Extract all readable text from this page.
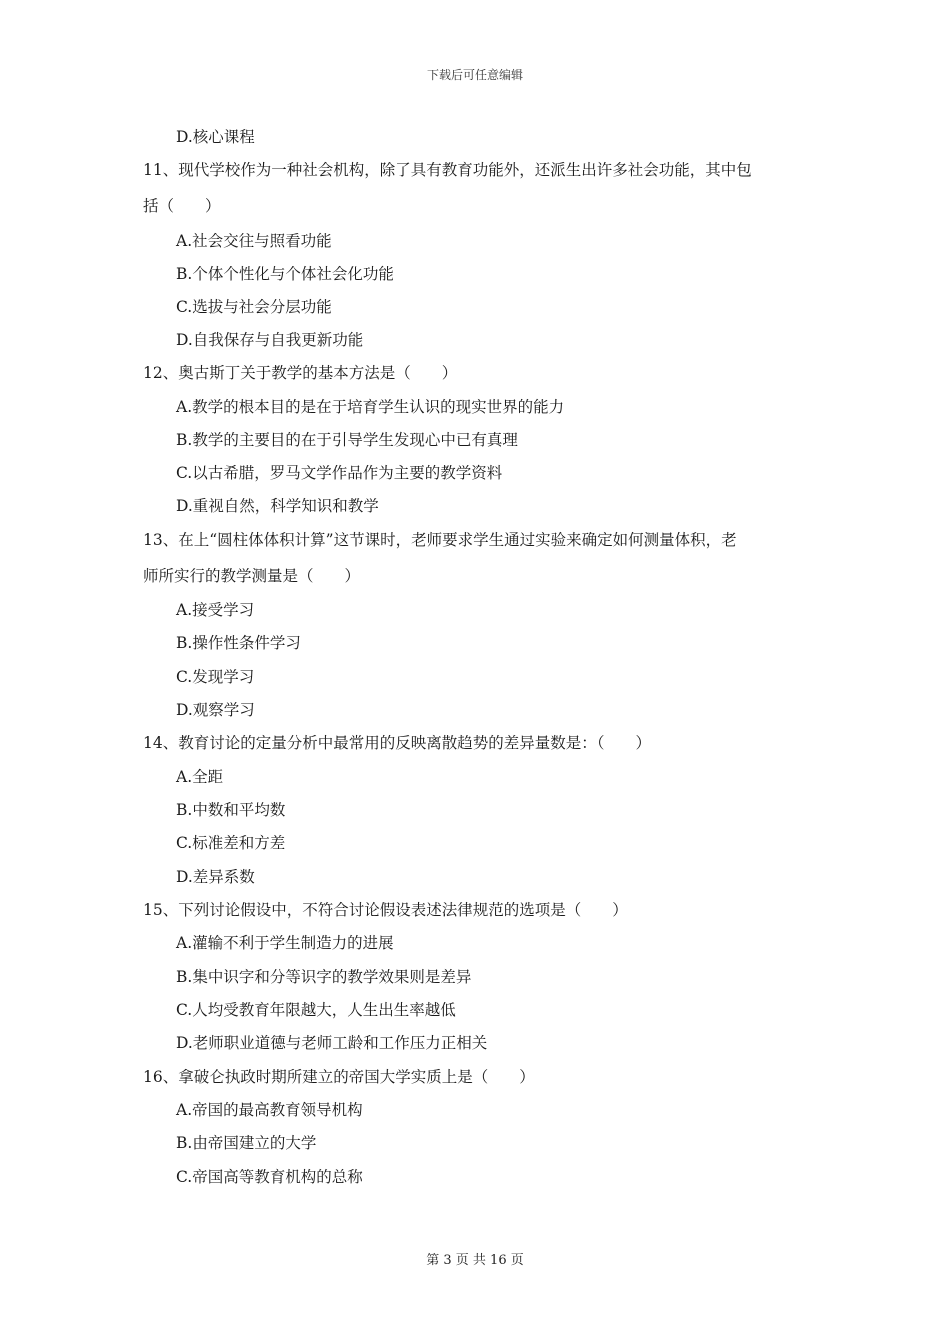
下载后可任意编辑
D.核心课程
11、现代学校作为一种社会机构，除了具有教育功能外，还派生出许多社会功能，其中包
括（　　）
A.社会交往与照看功能
B.个体个性化与个体社会化功能
C.选拔与社会分层功能
D.自我保存与自我更新功能
12、奥古斯丁关于教学的基本方法是（　　）
A.教学的根本目的是在于培育学生认识的现实世界的能力
B.教学的主要目的在于引导学生发现心中已有真理
C.以古希腊，罗马文学作品作为主要的教学资料
D.重视自然，科学知识和教学
13、在上“圆柱体体积计算”这节课时，老师要求学生通过实验来确定如何测量体积，老
师所实行的教学测量是（　　）
A.接受学习
B.操作性条件学习
C.发现学习
D.观察学习
14、教育讨论的定量分析中最常用的反映离散趋势的差异量数是：（　　）
A.全距
B.中数和平均数
C.标准差和方差
D.差异系数
15、下列讨论假设中，不符合讨论假设表述法律规范的选项是（　　）
A.灌输不利于学生制造力的进展
B.集中识字和分等识字的教学效果则是差异
C.人均受教育年限越大，人生出生率越低
D.老师职业道德与老师工龄和工作压力正相关
16、拿破仑执政时期所建立的帝国大学实质上是（　　）
A.帝国的最高教育领导机构
B.由帝国建立的大学
C.帝国高等教育机构的总称
第 3 页 共 16 页
